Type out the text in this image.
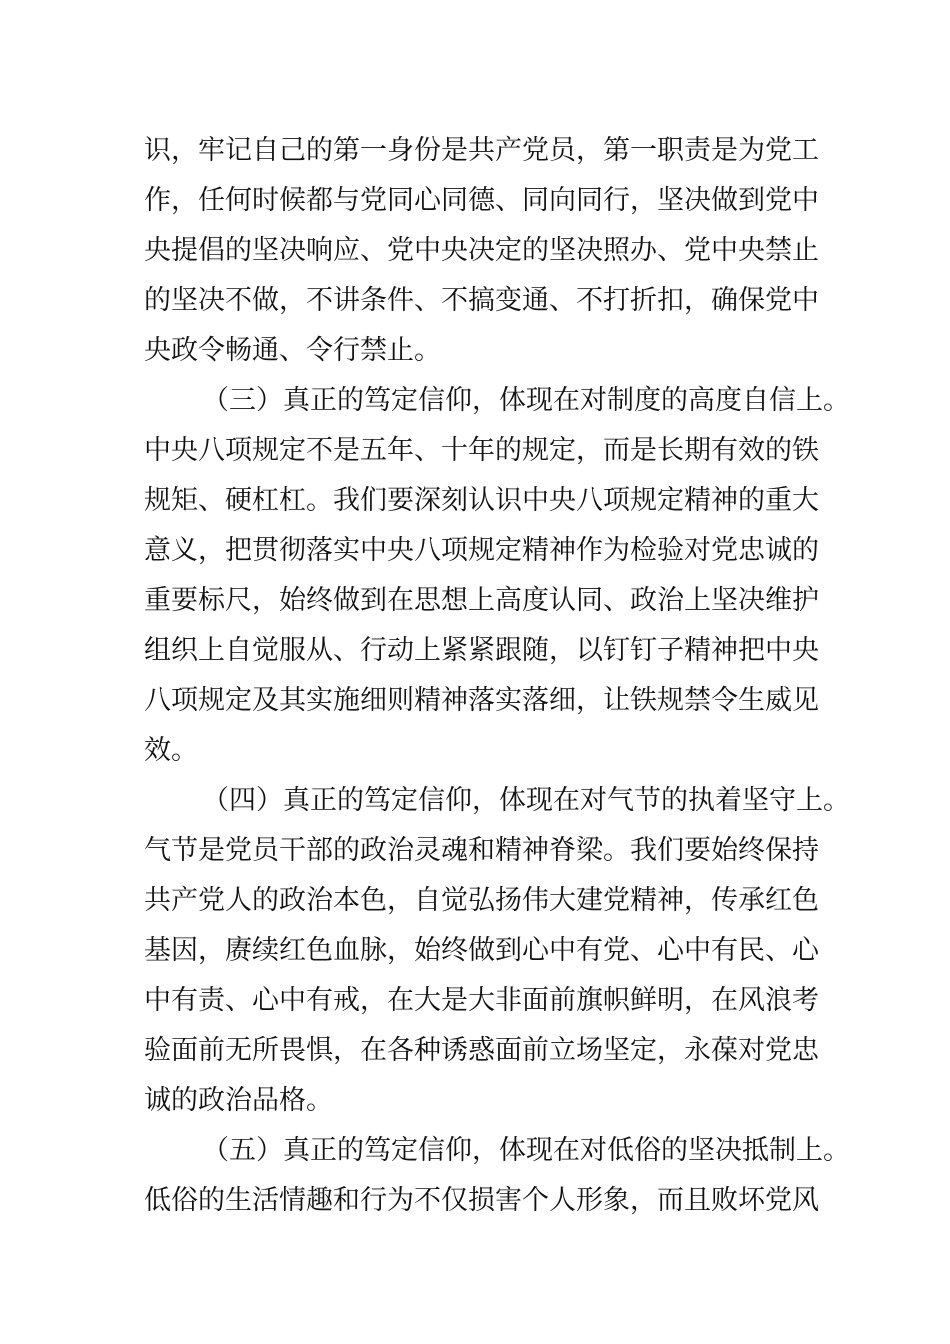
识，牢记自己的第一身份是共产党员，第一职责是为党工
作，任何时候都与党同心同德、同向同行，坚决做到党中
央提倡的坚决响应、党中央决定的坚决照办、党中央禁止
的坚决不做，不讲条件、不搞变通、不打折扣，确保党中
央政令畅通、令行禁止。
（三）真正的笃定信仰，体现在对制度的高度自信上。
中央八项规定不是五年、十年的规定，而是长期有效的铁
规矩、硬杠杠。我们要深刻认识中央八项规定精神的重大
意义，把贯彻落实中央八项规定精神作为检验对党忠诚的
重要标尺，始终做到在思想上高度认同、政治上坚决维护
组织上自觉服从、行动上紧紧跟随，以钉钉子精神把中央
八项规定及其实施细则精神落实落细，让铁规禁令生威见
效。
（四）真正的笃定信仰，体现在对气节的执着坚守上。
气节是党员干部的政治灵魂和精神脊梁。我们要始终保持
共产党人的政治本色，自觉弘扬伟大建党精神，传承红色
基因，赓续红色血脉，始终做到心中有党、心中有民、心
中有责、心中有戒，在大是大非面前旗帜鲜明，在风浪考
验面前无所畏惧，在各种诱惑面前立场坚定，永葆对党忠
诚的政治品格。
（五）真正的笃定信仰，体现在对低俗的坚决抵制上。
低俗的生活情趣和行为不仅损害个人形象，而且败坏党风
